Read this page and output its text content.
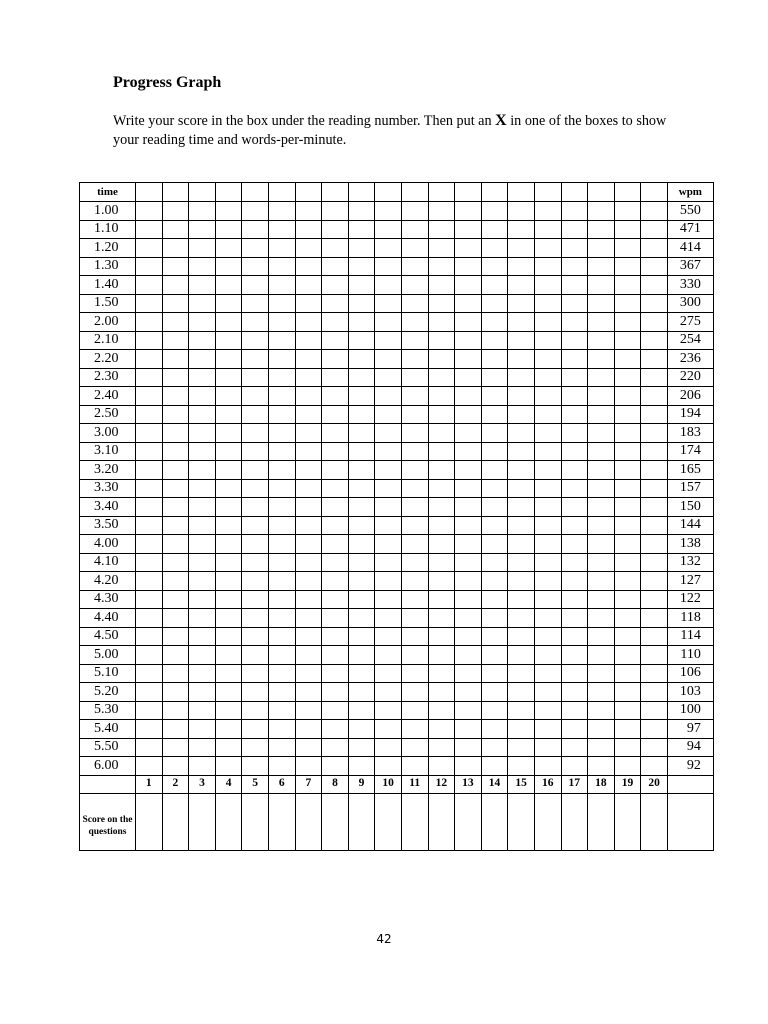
Progress Graph

Write your score in the box under the reading number. Then put an X in one of the boxes to show your reading time and words-per-minute.

time																					wpm
1.00																					550
1.10																					471
1.20																					414
1.30																					367
1.40																					330
1.50																					300
2.00																					275
2.10																					254
2.20																					236
2.30																					220
2.40																					206
2.50																					194
3.00																					183
3.10																					174
3.20																					165
3.30																					157
3.40																					150
3.50																					144
4.00																					138
4.10																					132
4.20																					127
4.30																					122
4.40																					118
4.50																					114
5.00																					110
5.10																					106
5.20																					103
5.30																					100
5.40																					97
5.50																					94
6.00																					92
	1	2	3	4	5	6	7	8	9	10	11	12	13	14	15	16	17	18	19	20	

Score on the questions																					
42
